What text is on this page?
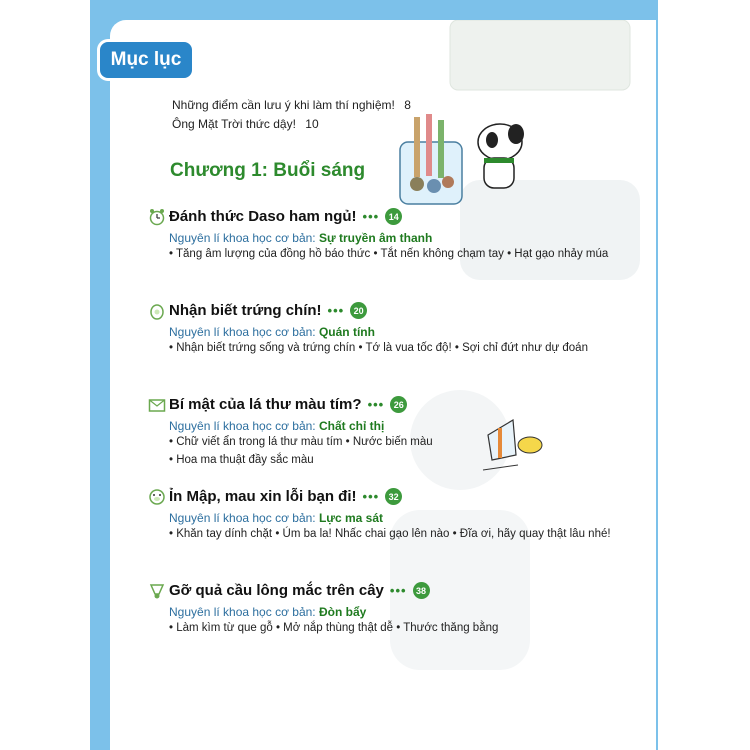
Mục lục
Những điểm cần lưu ý khi làm thí nghiệm! 8
Ông Mặt Trời thức dậy! 10
Chương 1: Buổi sáng
Đánh thức Daso ham ngủ! •••	14
Nguyên lí khoa học cơ bản: Sự truyền âm thanh
• Tăng âm lượng của đồng hồ báo thức • Tắt nến không chạm tay • Hạt gạo nhảy múa
Nhận biết trứng chín! •••	20
Nguyên lí khoa học cơ bản: Quán tính
• Nhận biết trứng sống và trứng chín • Tớ là vua tốc độ! • Sợi chỉ đứt như dự đoán
Bí mật của lá thư màu tím? •••	26
Nguyên lí khoa học cơ bản: Chất chỉ thị
• Chữ viết ẩn trong lá thư màu tím • Nước biến màu
• Hoa ma thuật đầy sắc màu
Ỉn Mập, mau xin lỗi bạn đi! •••	32
Nguyên lí khoa học cơ bản: Lực ma sát
• Khăn tay dính chặt • Úm ba la! Nhấc chai gạo lên nào • Đĩa ơi, hãy quay thật lâu nhé!
Gỡ quả cầu lông mắc trên cây •••	38
Nguyên lí khoa học cơ bản: Đòn bẩy
• Làm kìm từ que gỗ • Mở nắp thùng thật dễ • Thước thăng bằng
